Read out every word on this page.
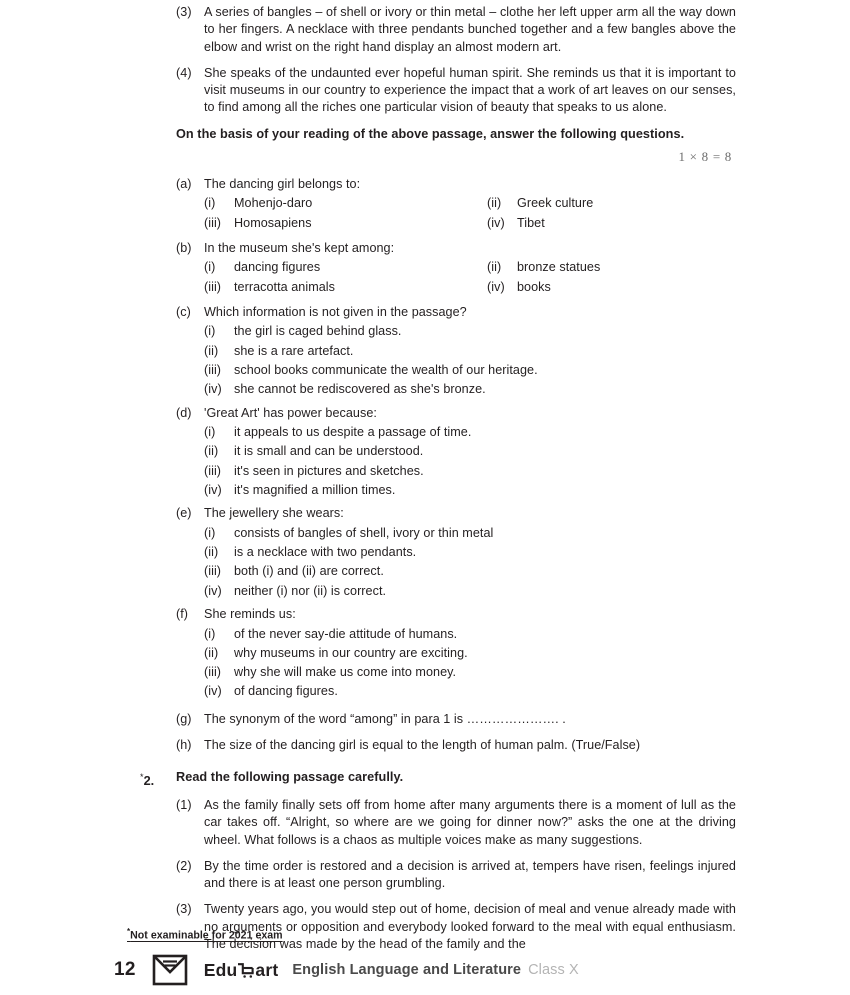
(3) A series of bangles – of shell or ivory or thin metal – clothe her left upper arm all the way down to her fingers. A necklace with three pendants bunched together and a few bangles above the elbow and wrist on the right hand display an almost modern art.
(4) She speaks of the undaunted ever hopeful human spirit. She reminds us that it is important to visit museums in our country to experience the impact that a work of art leaves on our senses, to find among all the riches one particular vision of beauty that speaks to us alone.
On the basis of your reading of the above passage, answer the following questions.
1 × 8 = 8
(a) The dancing girl belongs to:
(i)	Mohenjo-daro	(ii)	Greek culture
(iii)	Homosapiens	(iv) Tibet
(b) In the museum she's kept among:
(i)	dancing figures	(ii)	bronze statues
(iii)	terracotta animals	(iv) books
(c)	Which information is not given in the passage?
(i)	the girl is caged behind glass.
(ii)	she is a rare artefact.
(iii)	school books communicate the wealth of our heritage.
(iv) she cannot be rediscovered as she's bronze.
(d) 'Great Art' has power because:
(i)	it appeals to us despite a passage of time.
(ii)	it is small and can be understood.
(iii)	it's seen in pictures and sketches.
(iv) it's magnified a million times.
(e) The jewellery she wears:
(i)	consists of bangles of shell, ivory or thin metal
(ii)	is a necklace with two pendants.
(iii)	both (i) and (ii) are correct.
(iv) neither (i) nor (ii) is correct.
(f)	She reminds us:
(i)	of the never say-die attitude of humans.
(ii)	why museums in our country are exciting.
(iii)	why she will make us come into money.
(iv) of dancing figures.
(g) The synonym of the word “among” in para 1 is …………………. .
(h) The size of the dancing girl is equal to the length of human palm. (True/False)
*2.	Read the following passage carefully.
(1) As the family finally sets off from home after many arguments there is a moment of lull as the car takes off. “Alright, so where are we going for dinner now?” asks the one at the driving wheel. What follows is a chaos as multiple voices make as many suggestions.
(2) By the time order is restored and a decision is arrived at, tempers have risen, feelings injured and there is at least one person grumbling.
(3) Twenty years ago, you would step out of home, decision of meal and venue already made with no arguments or opposition and everybody looked forward to the meal with equal enthusiasm. The decision was made by the head of the family and the
*Not examinable for 2021 exam
12	Edu art English Language and Literature Class X
